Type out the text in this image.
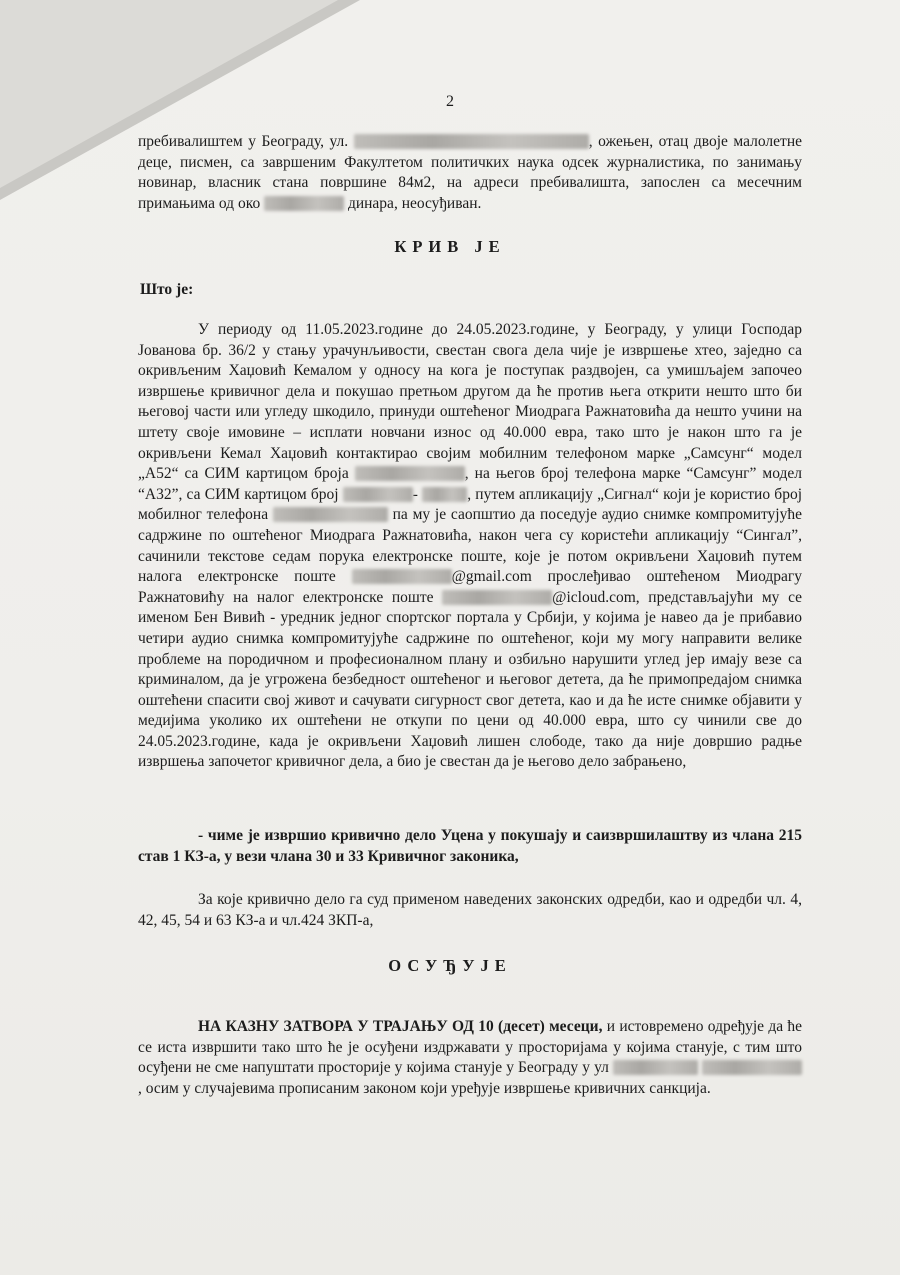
2
пребивалиштем у Београду, ул.	, ожењен, отац двоје малолетне деце, писмен, са завршеним Факултетом политичких наука одсек журналистика, по занимању новинар, власник стана површине 84м2, на адреси пребивалишта, запослен са месечним примањима од око	динара, неосуђиван.
КРИВ ЈЕ
Што је:
У периоду од 11.05.2023.године до 24.05.2023.године, у Београду, у улици Господар Јованова бр. 36/2 у стању урачунљивости, свестан свога дела чије је извршење хтео, заједно са окривљеним Хаџовић Кемалом у односу на кога је поступак раздвојен, са умишљајем започео извршење кривичног дела и покушао претњом другом да ће против њега открити нешто што би његовој части или угледу шкодило, принуди оштећеног Миодрага Ражнатовића да нешто учини на штету своје имовине – исплати новчани износ од 40.000 евра, тако што је након што га је окривљени Кемал Хаџовић контактирао својим мобилним телефоном марке „Самсунг“ модел „А52“ са СИМ картицом броја	, на његов број телефона марке “Самсунг” модел “А32”, са СИМ картицом број	-	, путем апликацију „Сигнал“ који је користио број мобилног телефона	па му је саопштио да поседује аудио снимке компромитујуће садржине по оштећеног Миодрага Ражнатовића, након чега су користећи апликацију “Сингал”, сачинили текстове седам порука електронске поште, које је потом окривљени Хаџовић путем налога електронске поште	@gmail.com прослеђивао оштећеном Миодрагу Ражнатовићу на налог електронске поште	@icloud.com, представљајући му се именом Бен Вивић - уредник једног спортског портала у Србији, у којима је навео да је прибавио четири аудио снимка компромитујуће садржине по оштећеног, који му могу направити велике проблеме на породичном и професионалном плану и озбиљно нарушити углед јер имају везе са криминалом, да је угрожена безбедност оштећеног и његовог детета, да ће примопредајом снимка оштећени спасити свој живот и сачувати сигурност свог детета, као и да ће исте снимке објавити у медијима уколико их оштећени не откупи по цени од 40.000 евра, што су чинили све до 24.05.2023.године, када је окривљени Хаџовић лишен слободе, тако да није довршио радње извршења започетог кривичног дела, а био је свестан да је његово дело забрањено,
- чиме је извршио кривично дело Уцена у покушају и саизвршилаштву из члана 215 став 1 КЗ-а, у вези члана 30 и 33 Кривичног законика,
За које кривично дело га суд применом наведених законских одредби, као и одредби чл. 4, 42, 45, 54 и 63 КЗ-а и чл.424 ЗКП-а,
ОСУЂУЈЕ
НА КАЗНУ ЗАТВОРА У ТРАЈАЊУ ОД 10 (десет) месеци, и истовремено одређује да ће се иста извршити тако што ће је осуђени издржавати у просторијама у којима станује, с тим што осуђени не сме напуштати просторије у којима станује у Београду у ул  , осим у случајевима прописаним законом који уређује извршење кривичних санкција.
